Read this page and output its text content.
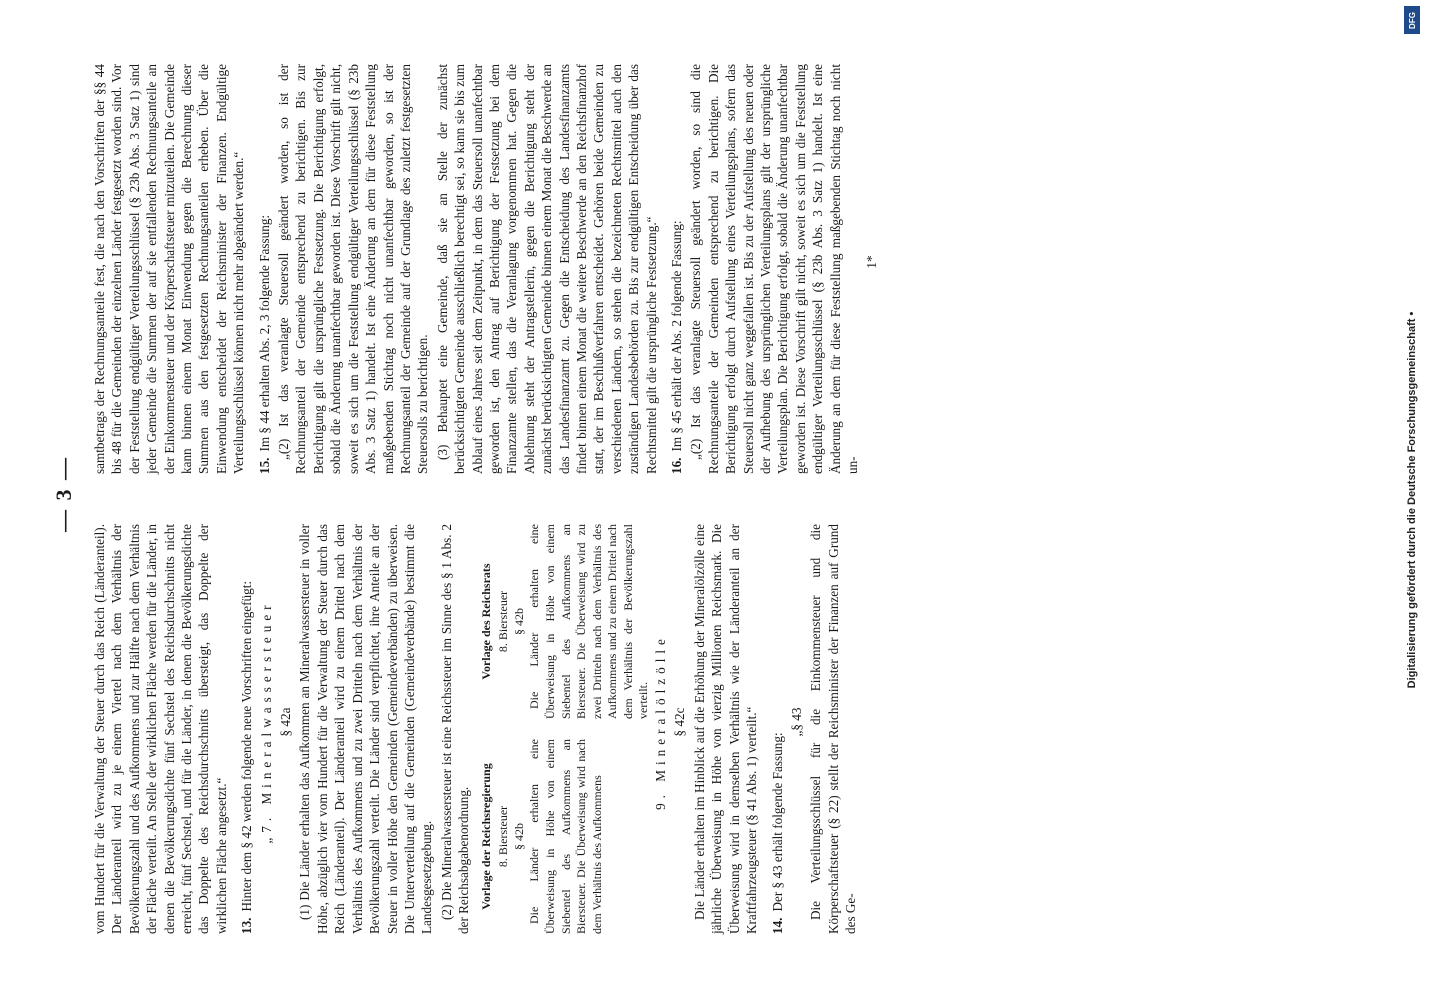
— 3 —

vom Hundert für die Verwaltung der Steuer durch das Reich (Länderanteil). Der Länderanteil wird zu je einem Viertel nach dem Verhältnis der Bevölkerungszahl und des Aufkommens und zur Hälfte nach dem Verhältnis der Fläche verteilt. An Stelle der wirklichen Fläche werden für die Länder, in denen die Bevölkerungsdichte fünf Sechstel des Reichsdurchschnitts nicht erreicht, fünf Sechstel, und für die Länder, in denen die Bevölkerungsdichte das Doppelte des Reichsdurchschnitts übersteigt, das Doppelte der wirklichen Fläche angesetzt.“ 13.Hinter dem § 42 werden folgende neue Vorschriften eingefügt: „7. Mineralwassersteuer § 42a (1) Die Länder erhalten das Aufkommen an Mineralwassersteuer in voller Höhe, abzüglich vier vom Hundert für die Verwaltung der Steuer durch das Reich (Länderanteil). Der Länderanteil wird zu einem Drittel nach dem Verhältnis des Aufkommens und zu zwei Dritteln nach dem Verhältnis der Bevölkerungszahl verteilt. Die Länder sind verpflichtet, ihre Anteile an der Steuer in voller Höhe den Gemeinden (Gemeindeverbänden) zu überweisen. Die Unterverteilung auf die Gemeinden (Gemeindeverbände) bestimmt die Landesgesetzgebung. (2) Die Mineralwassersteuer ist eine Reichssteuer im Sinne des § 1 Abs. 2 der Reichsabgabenordnung. Vorlage der Reichsregierung 8. Biersteuer § 42b Die Länder erhalten eine Überweisung in Höhe von einem Siebentel des Aufkommens an Biersteuer. Die Überweisung wird nach dem Verhältnis des Aufkommens
Vorlage des Reichsrats 8. Biersteuer § 42b Die Länder erhalten eine Überweisung in Höhe von einem Siebentel des Aufkommens an Biersteuer. Die Überweisung wird zu zwei Dritteln nach dem Verhältnis des Aufkommens und zu einem Drittel nach dem Verhältnis der Bevölkerungszahl verteilt. 9. Mineralölzölle § 42c Die Länder erhalten im Hinblick auf die Erhöhung der Mineralölzölle eine jährliche Überweisung in Höhe von vierzig Millionen Reichsmark. Die Überweisung wird in demselben Verhältnis wie der Länderanteil an der Kraftfahrzeugsteuer (§ 41 Abs. 1) verteilt.“ 14.Der § 43 erhält folgende Fassung:

„§ 43 Die Verteilungsschlüssel für die Einkommensteuer und die Körperschaftsteuer (§ 22) stellt der Reichsminister der Finanzen auf Grund des Ge-

samtbetrags der Rechnungsanteile fest, die nach den Vorschriften der §§ 44 bis 48 für die Gemeinden der einzelnen Länder festgesetzt worden sind. Vor der Feststellung endgültiger Verteilungsschlüssel (§ 23b Abs. 3 Satz 1) sind jeder Gemeinde die Summen der auf sie entfallenden Rechnungsanteile an der Einkommensteuer und der Körperschaftsteuer mitzuteilen. Die Gemeinde kann binnen einem Monat Einwendung gegen die Berechnung dieser Summen aus den festgesetzten Rechnungsanteilen erheben. Über die Einwendung entscheidet der Reichsminister der Finanzen. Endgültige Verteilungsschlüssel können nicht mehr abgeändert werden.“ 15.Im § 44 erhalten Abs. 2, 3 folgende Fassung: „(2) Ist das veranlagte Steuersoll geändert worden, so ist der Rechnungsanteil der Gemeinde entsprechend zu berichtigen. Bis zur Berichtigung gilt die ursprüngliche Festsetzung. Die Berichtigung erfolgt, sobald die Änderung unanfechtbar geworden ist. Diese Vorschrift gilt nicht, soweit es sich um die Feststellung endgültiger Verteilungsschlüssel (§ 23b Abs. 3 Satz 1) handelt. Ist eine Änderung an dem für diese Feststellung maßgebenden Stichtag noch nicht unanfechtbar geworden, so ist der Rechnungsanteil der Gemeinde auf der Grundlage des zuletzt festgesetzten Steuersolls zu berichtigen. (3) Behauptet eine Gemeinde, daß sie an Stelle der zunächst berücksichtigten Gemeinde ausschließlich berechtigt sei, so kann sie bis zum Ablauf eines Jahres seit dem Zeitpunkt, in dem das Steuersoll unanfechtbar geworden ist, den Antrag auf Berichtigung der Festsetzung bei dem Finanzamte stellen, das die Veranlagung vorgenommen hat. Gegen die Ablehnung steht der Antragstellerin, gegen die Berichtigung steht der zunächst berücksichtigten Gemeinde binnen einem Monat die Beschwerde an das Landesfinanzamt zu. Gegen die Entscheidung des Landesfinanzamts findet binnen einem Monat die weitere Beschwerde an den Reichsfinanzhof statt, der im Beschlußverfahren entscheidet. Gehören beide Gemeinden zu verschiedenen Ländern, so stehen die bezeichneten Rechtsmittel auch den zuständigen Landesbehörden zu. Bis zur endgültigen Entscheidung über das Rechtsmittel gilt die ursprüngliche Festsetzung.“ 16.Im § 45 erhält der Abs. 2 folgende Fassung: „(2) Ist das veranlagte Steuersoll geändert worden, so sind die Rechnungsanteile der Gemeinden entsprechend zu berichtigen. Die Berichtigung erfolgt durch Aufstellung eines Verteilungsplans, sofern das Steuersoll nicht ganz weggefallen ist. Bis zu der Aufstellung des neuen oder der Aufhebung des ursprünglichen Verteilungsplans gilt der ursprüngliche Verteilungsplan. Die Berichtigung erfolgt, sobald die Änderung unanfechtbar geworden ist. Diese Vorschrift gilt nicht, soweit es sich um die Feststellung endgültiger Verteilungsschlüssel (§ 23b Abs. 3 Satz 1) handelt. Ist eine Änderung an dem für diese Feststellung maßgebenden Stichtag noch nicht un-

1*

DFG
Digitalisierung gefördert durch die Deutsche Forschungsgemeinschaft •
